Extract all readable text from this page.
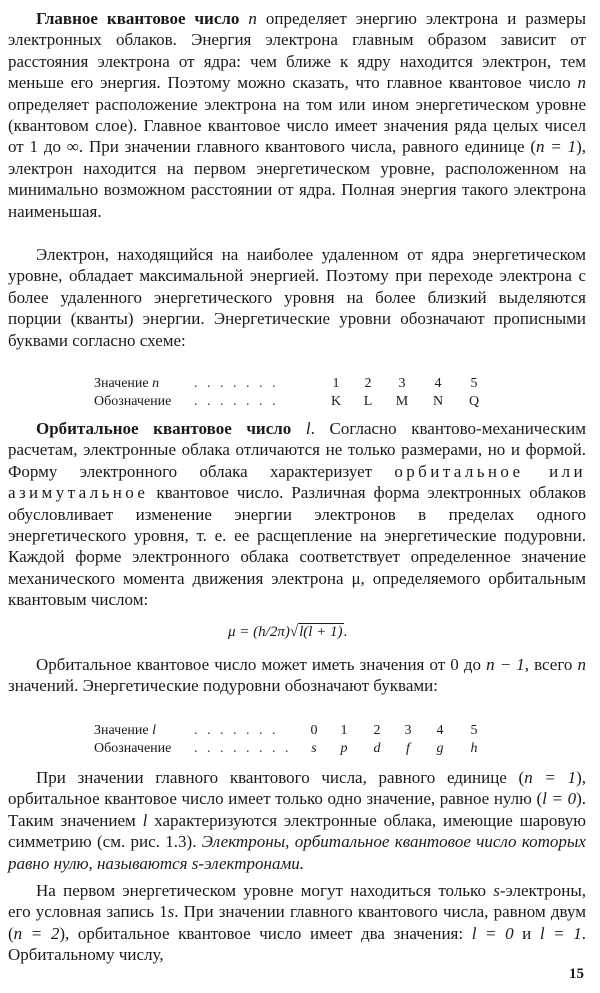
Главное квантовое число n определяет энергию электрона и размеры электронных облаков. Энергия электрона главным образом зависит от расстояния электрона от ядра: чем ближе к ядру находится электрон, тем меньше его энергия. Поэтому можно сказать, что главное квантовое число n определяет расположение электрона на том или ином энергетическом уровне (квантовом слое). Главное квантовое число имеет значения ряда целых чисел от 1 до ∞. При значении главного квантового числа, равного единице (n = 1), электрон находится на первом энергетическом уровне, расположенном на минимально возможном расстоянии от ядра. Полная энергия такого электрона наименьшая.

Электрон, находящийся на наиболее удаленном от ядра энергетическом уровне, обладает максимальной энергией. Поэтому при переходе электрона с более удаленного энергетического уровня на более близкий выделяются порции (кванты) энергии. Энергетические уровни обозначают прописными буквами согласно схеме:

Значение n . . . . . . .	1	2	3	4	5
Обозначение . . . . . . .	K	L	M	N	Q

Орбитальное квантовое число l. Согласно квантово-механическим расчетам, электронные облака отличаются не только размерами, но и формой. Форму электронного облака характеризует орбитальное или азимутальное квантовое число. Различная форма электронных облаков обусловливает изменение энергии электронов в пределах одного энергетического уровня, т. е. ее расщепление на энергетические подуровни. Каждой форме электронного облака соответствует определенное значение механического момента движения электрона μ, определяемого орбитальным квантовым числом:

μ = (h/2π)√l(l + 1).

Орбитальное квантовое число может иметь значения от 0 до n − 1, всего n значений. Энергетические подуровни обозначают буквами:

Значение l	. . . . . . .	0	1	2	3	4	5
Обозначение . . . . . . . .	s	p	d	f	g	h

При значении главного квантового числа, равного единице (n = 1), орбитальное квантовое число имеет только одно значение, равное нулю (l = 0). Таким значением l характеризуются электронные облака, имеющие шаровую симметрию (см. рис. 1.3). Электроны, орбитальное квантовое число которых равно нулю, называются s-электронами.

На первом энергетическом уровне могут находиться только s-электроны, его условная запись 1s. При значении главного квантового числа, равном двум (n = 2), орбитальное квантовое число имеет два значения: l = 0 и l = 1. Орбитальному числу,

15
